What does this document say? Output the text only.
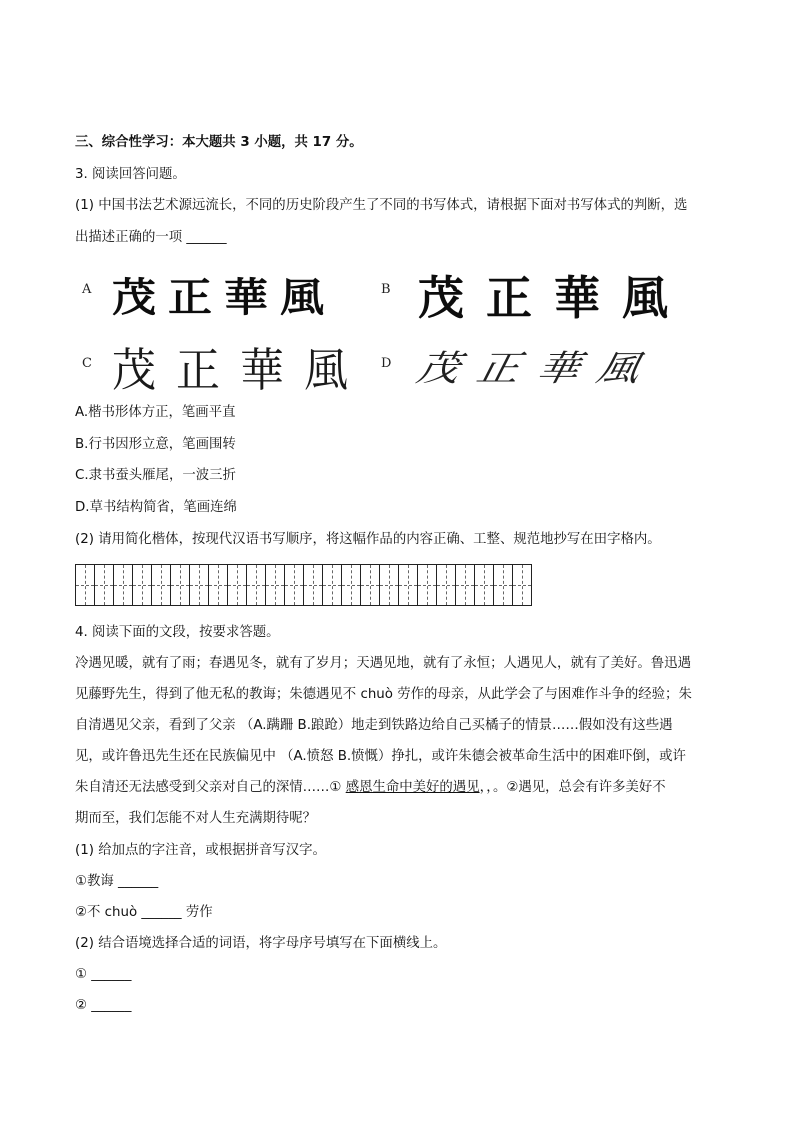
三、综合性学习：本大题共 3 小题，共 17 分。
3. 阅读回答问题。
(1) 中国书法艺术源远流长，不同的历史阶段产生了不同的书写体式，请根据下面对书写体式的判断，选
出描述正确的一项 ______
A 茂正華風	B 茂正華風
C 茂正華風 D 茂正華風
A.楷书形体方正，笔画平直
B.行书因形立意，笔画围转
C.隶书蚕头雁尾，一波三折
D.草书结构简省，笔画连绵
(2) 请用简化楷体，按现代汉语书写顺序，将这幅作品的内容正确、工整、规范地抄写在田字格内。
4. 阅读下面的文段，按要求答题。
冷遇见暖，就有了雨；春遇见冬，就有了岁月；天遇见地，就有了永恒；人遇见人，就有了美好。鲁迅遇
见藤野先生，得到了他无私的教诲；朱德遇见不 chuò 劳作的母亲，从此学会了与困难作斗争的经验；朱
自清遇见父亲，看到了父亲 （A.蹒跚 B.踉跄）地走到铁路边给自己买橘子的情景……假如没有这些遇
见，或许鲁迅先生还在民族偏见中 （A.愤怒 B.愤慨）挣扎，或许朱德会被革命生活中的困难吓倒，或许
朱自清还无法感受到父亲对自己的深情……① 感恩生命中美好的遇见，，。②遇见，总会有许多美好不
期而至，我们怎能不对人生充满期待呢？
(1) 给加点的字注音，或根据拼音写汉字。
①教诲 ______
②不 chuò ______ 劳作
(2) 结合语境选择合适的词语，将字母序号填写在下面横线上。
① ______
② ______
